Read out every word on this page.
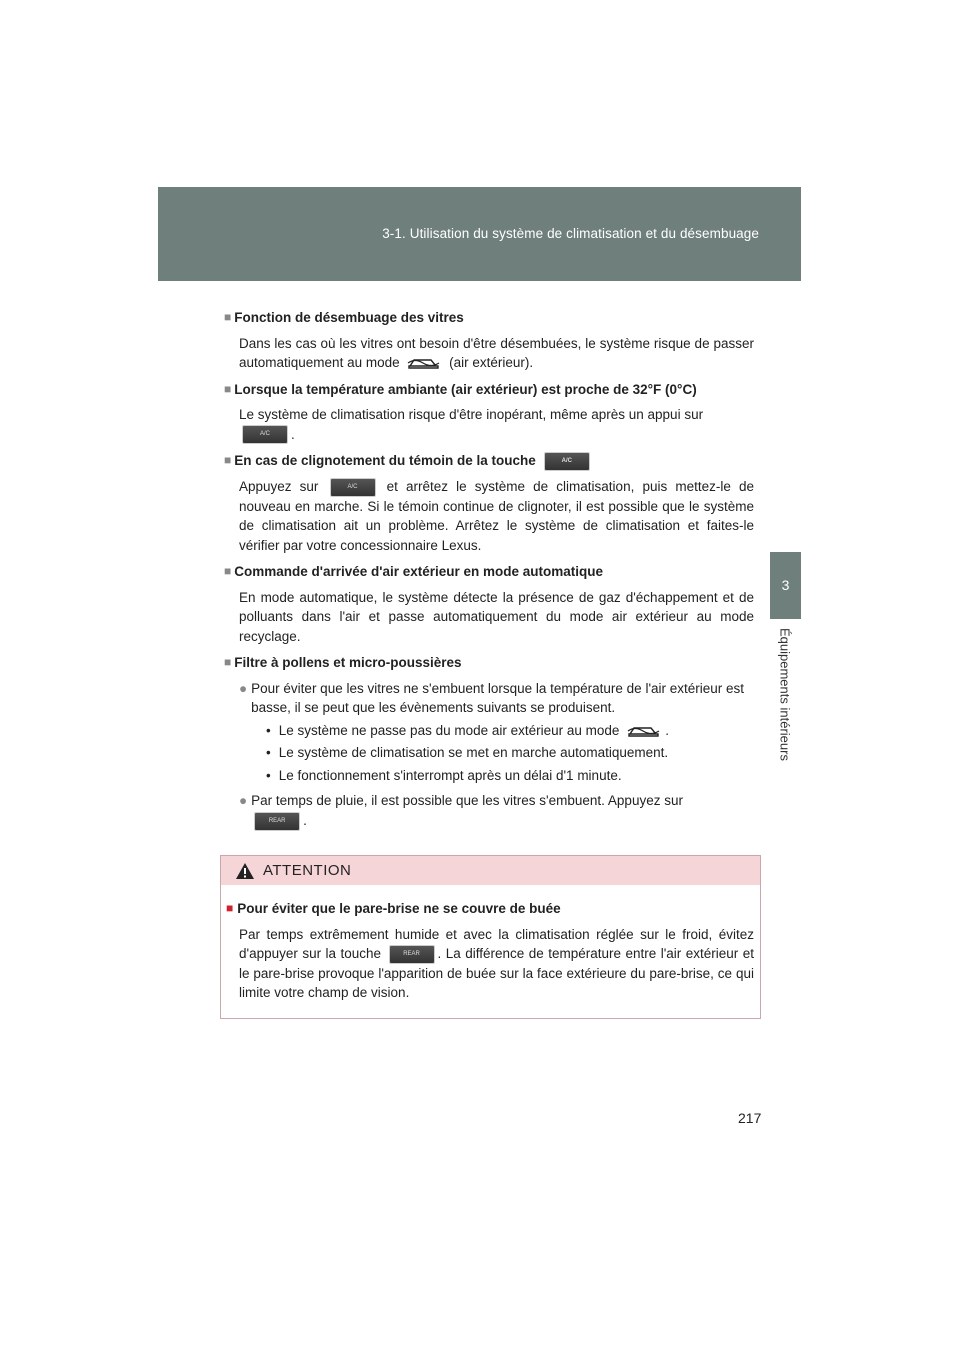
3-1. Utilisation du système de climatisation et du désembuage
3
Équipements intérieurs
■ Fonction de désembuage des vitres
Dans les cas où les vitres ont besoin d'être désembuées, le système risque de passer automatiquement au mode	(air extérieur).
■ Lorsque la température ambiante (air extérieur) est proche de 32°F (0°C)
Le système de climatisation risque d'être inopérant, même après un appui sur
A/C .
■ En cas de clignotement du témoin de la touche	A/C
Appuyez sur	A/C et arrêtez le système de climatisation, puis mettez-le de nouveau en marche. Si le témoin continue de clignoter, il est possible que le système de climatisation ait un problème. Arrêtez le système de climatisation et faites-le vérifier par votre concessionnaire Lexus.
■ Commande d'arrivée d'air extérieur en mode automatique
En mode automatique, le système détecte la présence de gaz d'échappement et de polluants dans l'air et passe automatiquement du mode air extérieur au mode recyclage.
■ Filtre à pollens et micro-poussières
● Pour éviter que les vitres ne s'embuent lorsque la température de l'air extérieur est basse, il se peut que les évènements suivants se produisent.
• Le système ne passe pas du mode air extérieur au mode	.
• Le système de climatisation se met en marche automatiquement.
• Le fonctionnement s'interrompt après un délai d'1 minute.
● Par temps de pluie, il est possible que les vitres s'embuent. Appuyez sur
REAR .
ATTENTION
■ Pour éviter que le pare-brise ne se couvre de buée
Par temps extrêmement humide et avec la climatisation réglée sur le froid, évitez d'appuyer sur la touche	REAR . La différence de température entre l'air extérieur et le pare-brise provoque l'apparition de buée sur la face extérieure du pare-brise, ce qui limite votre champ de vision.
217
